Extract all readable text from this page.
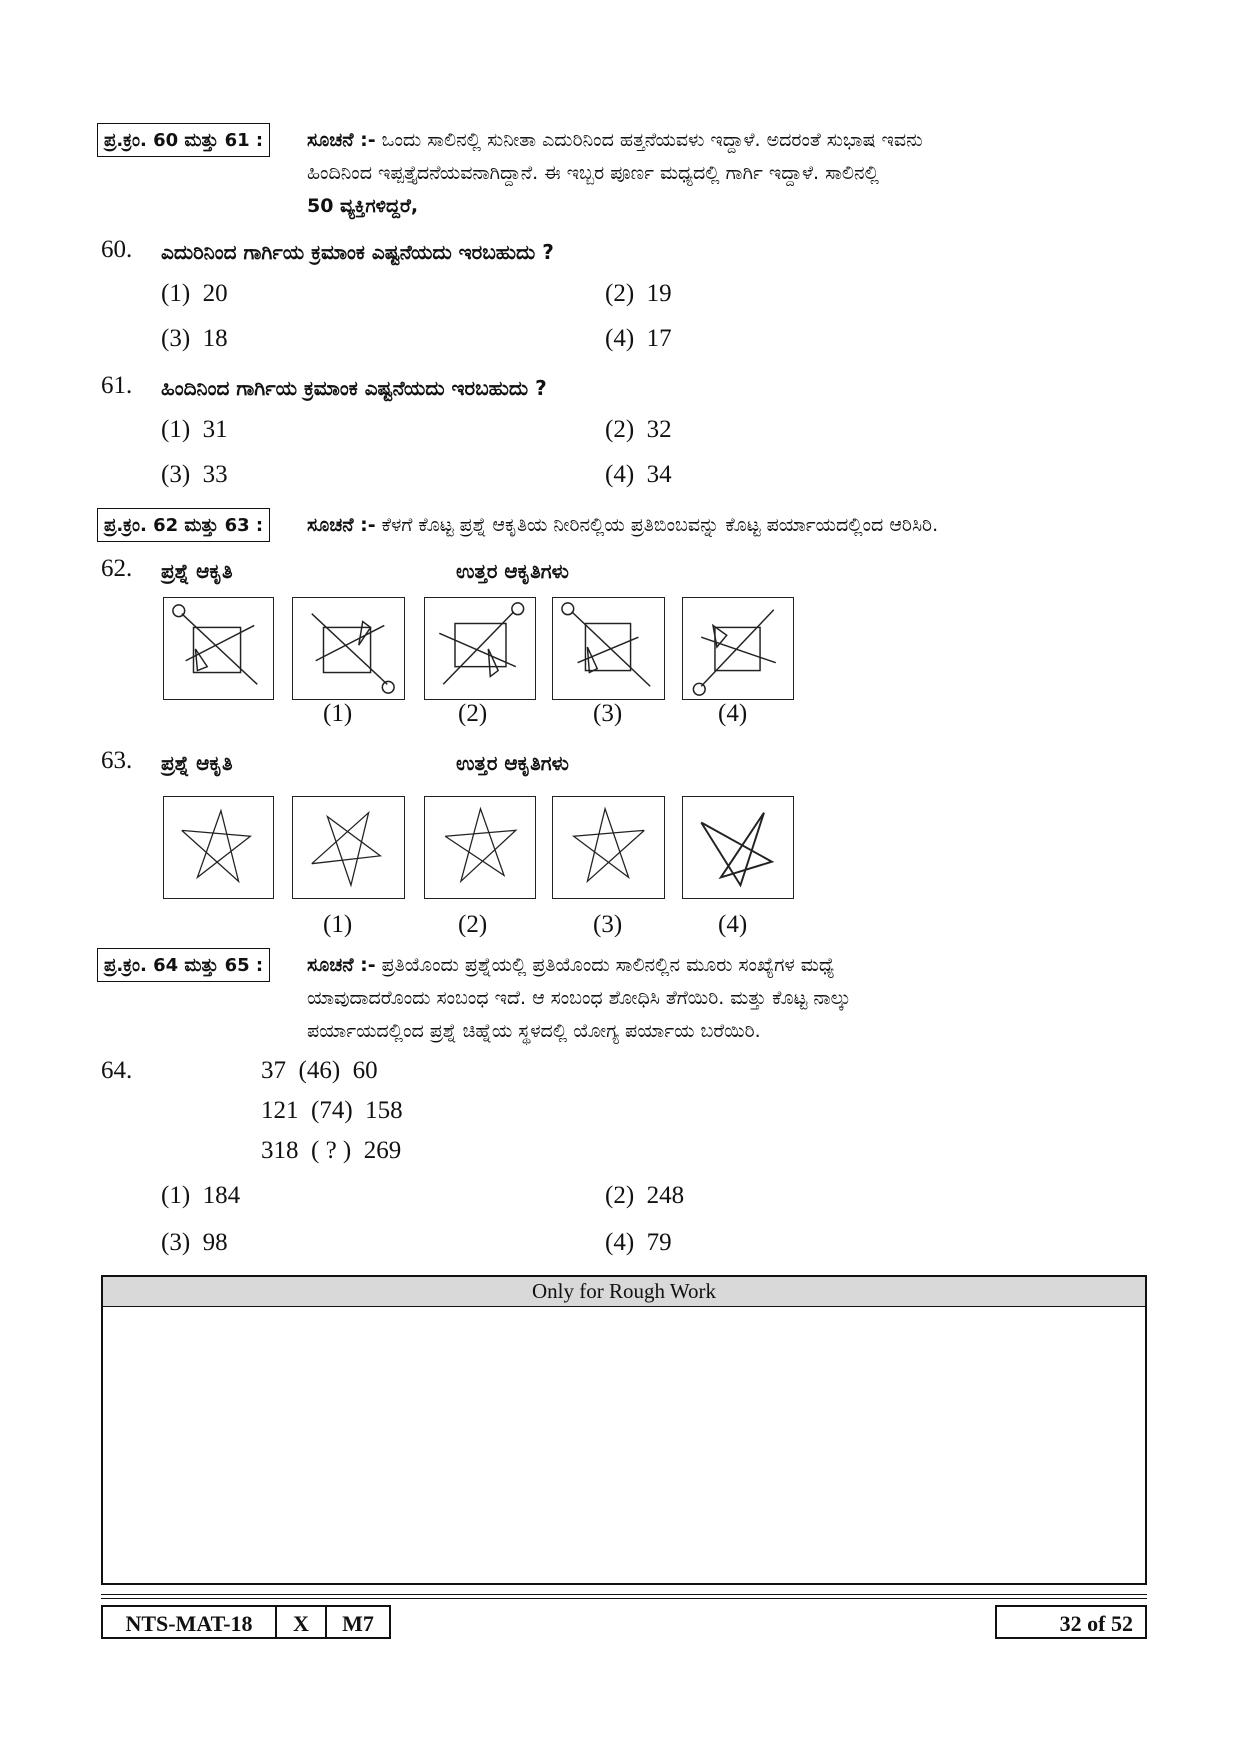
ಪ್ರ.ಕ್ರಂ. 60 ಮತ್ತು 61 :	ಸೂಚನೆ :- ಒಂದು ಸಾಲಿನಲ್ಲಿ ಸುನೀತಾ ಎದುರಿನಿಂದ ಹತ್ತನೆಯವಳು ಇದ್ದಾಳೆ. ಅದರಂತೆ ಸುಭಾಷ ಇವನು
ಹಿಂದಿನಿಂದ ಇಪ್ಪತ್ತೈದನೆಯವನಾಗಿದ್ದಾನೆ. ಈ ಇಬ್ಬರ ಪೂರ್ಣ ಮಧ್ಯದಲ್ಲಿ ಗಾರ್ಗಿ ಇದ್ದಾಳೆ. ಸಾಲಿನಲ್ಲಿ
50 ವ್ಯಕ್ತಿಗಳಿದ್ದರೆ,
60. ಎದುರಿನಿಂದ ಗಾರ್ಗಿಯ ಕ್ರಮಾಂಕ ಎಷ್ಟನೆಯದು ಇರಬಹುದು ?
(1)  20	(2)  19
(3)  18	(4)  17
61. ಹಿಂದಿನಿಂದ ಗಾರ್ಗಿಯ ಕ್ರಮಾಂಕ ಎಷ್ಟನೆಯದು ಇರಬಹುದು ?
(1)  31	(2)  32
(3)  33	(4)  34
ಪ್ರ.ಕ್ರಂ. 62 ಮತ್ತು 63 :	ಸೂಚನೆ :- ಕೆಳಗೆ ಕೊಟ್ಟ ಪ್ರಶ್ನೆ ಆಕೃತಿಯ ನೀರಿನಲ್ಲಿಯ ಪ್ರತಿಬಿಂಬವನ್ನು ಕೊಟ್ಟ ಪರ್ಯಾಯದಲ್ಲಿಂದ ಆರಿಸಿರಿ.
62. ಪ್ರಶ್ನೆ ಆಕೃತಿ	ಉತ್ತರ ಆಕೃತಿಗಳು
(1)	(2)	(3)	(4)
63. ಪ್ರಶ್ನೆ ಆಕೃತಿ	ಉತ್ತರ ಆಕೃತಿಗಳು
(1)	(2)	(3)	(4)
ಪ್ರ.ಕ್ರಂ. 64 ಮತ್ತು 65 :	ಸೂಚನೆ :- ಪ್ರತಿಯೊಂದು ಪ್ರಶ್ನೆಯಲ್ಲಿ ಪ್ರತಿಯೊಂದು ಸಾಲಿನಲ್ಲಿನ ಮೂರು ಸಂಖ್ಯೆಗಳ ಮಧ್ಯೆ
ಯಾವುದಾದರೊಂದು ಸಂಬಂಧ ಇದೆ. ಆ ಸಂಬಂಧ ಶೋಧಿಸಿ ತೆಗೆಯಿರಿ. ಮತ್ತು ಕೊಟ್ಟ ನಾಲ್ಕು
ಪರ್ಯಾಯದಲ್ಲಿಂದ ಪ್ರಶ್ನೆ ಚಿಹ್ನೆಯ ಸ್ಥಳದಲ್ಲಿ ಯೋಗ್ಯ ಪರ್ಯಾಯ ಬರೆಯಿರಿ.
64.	37  (46)  60
121  (74)  158
318  ( ? )  269
(1)  184	(2)  248
(3)  98	(4)  79
Only for Rough Work
NTS-MAT-18	X	M7	32 of 52
